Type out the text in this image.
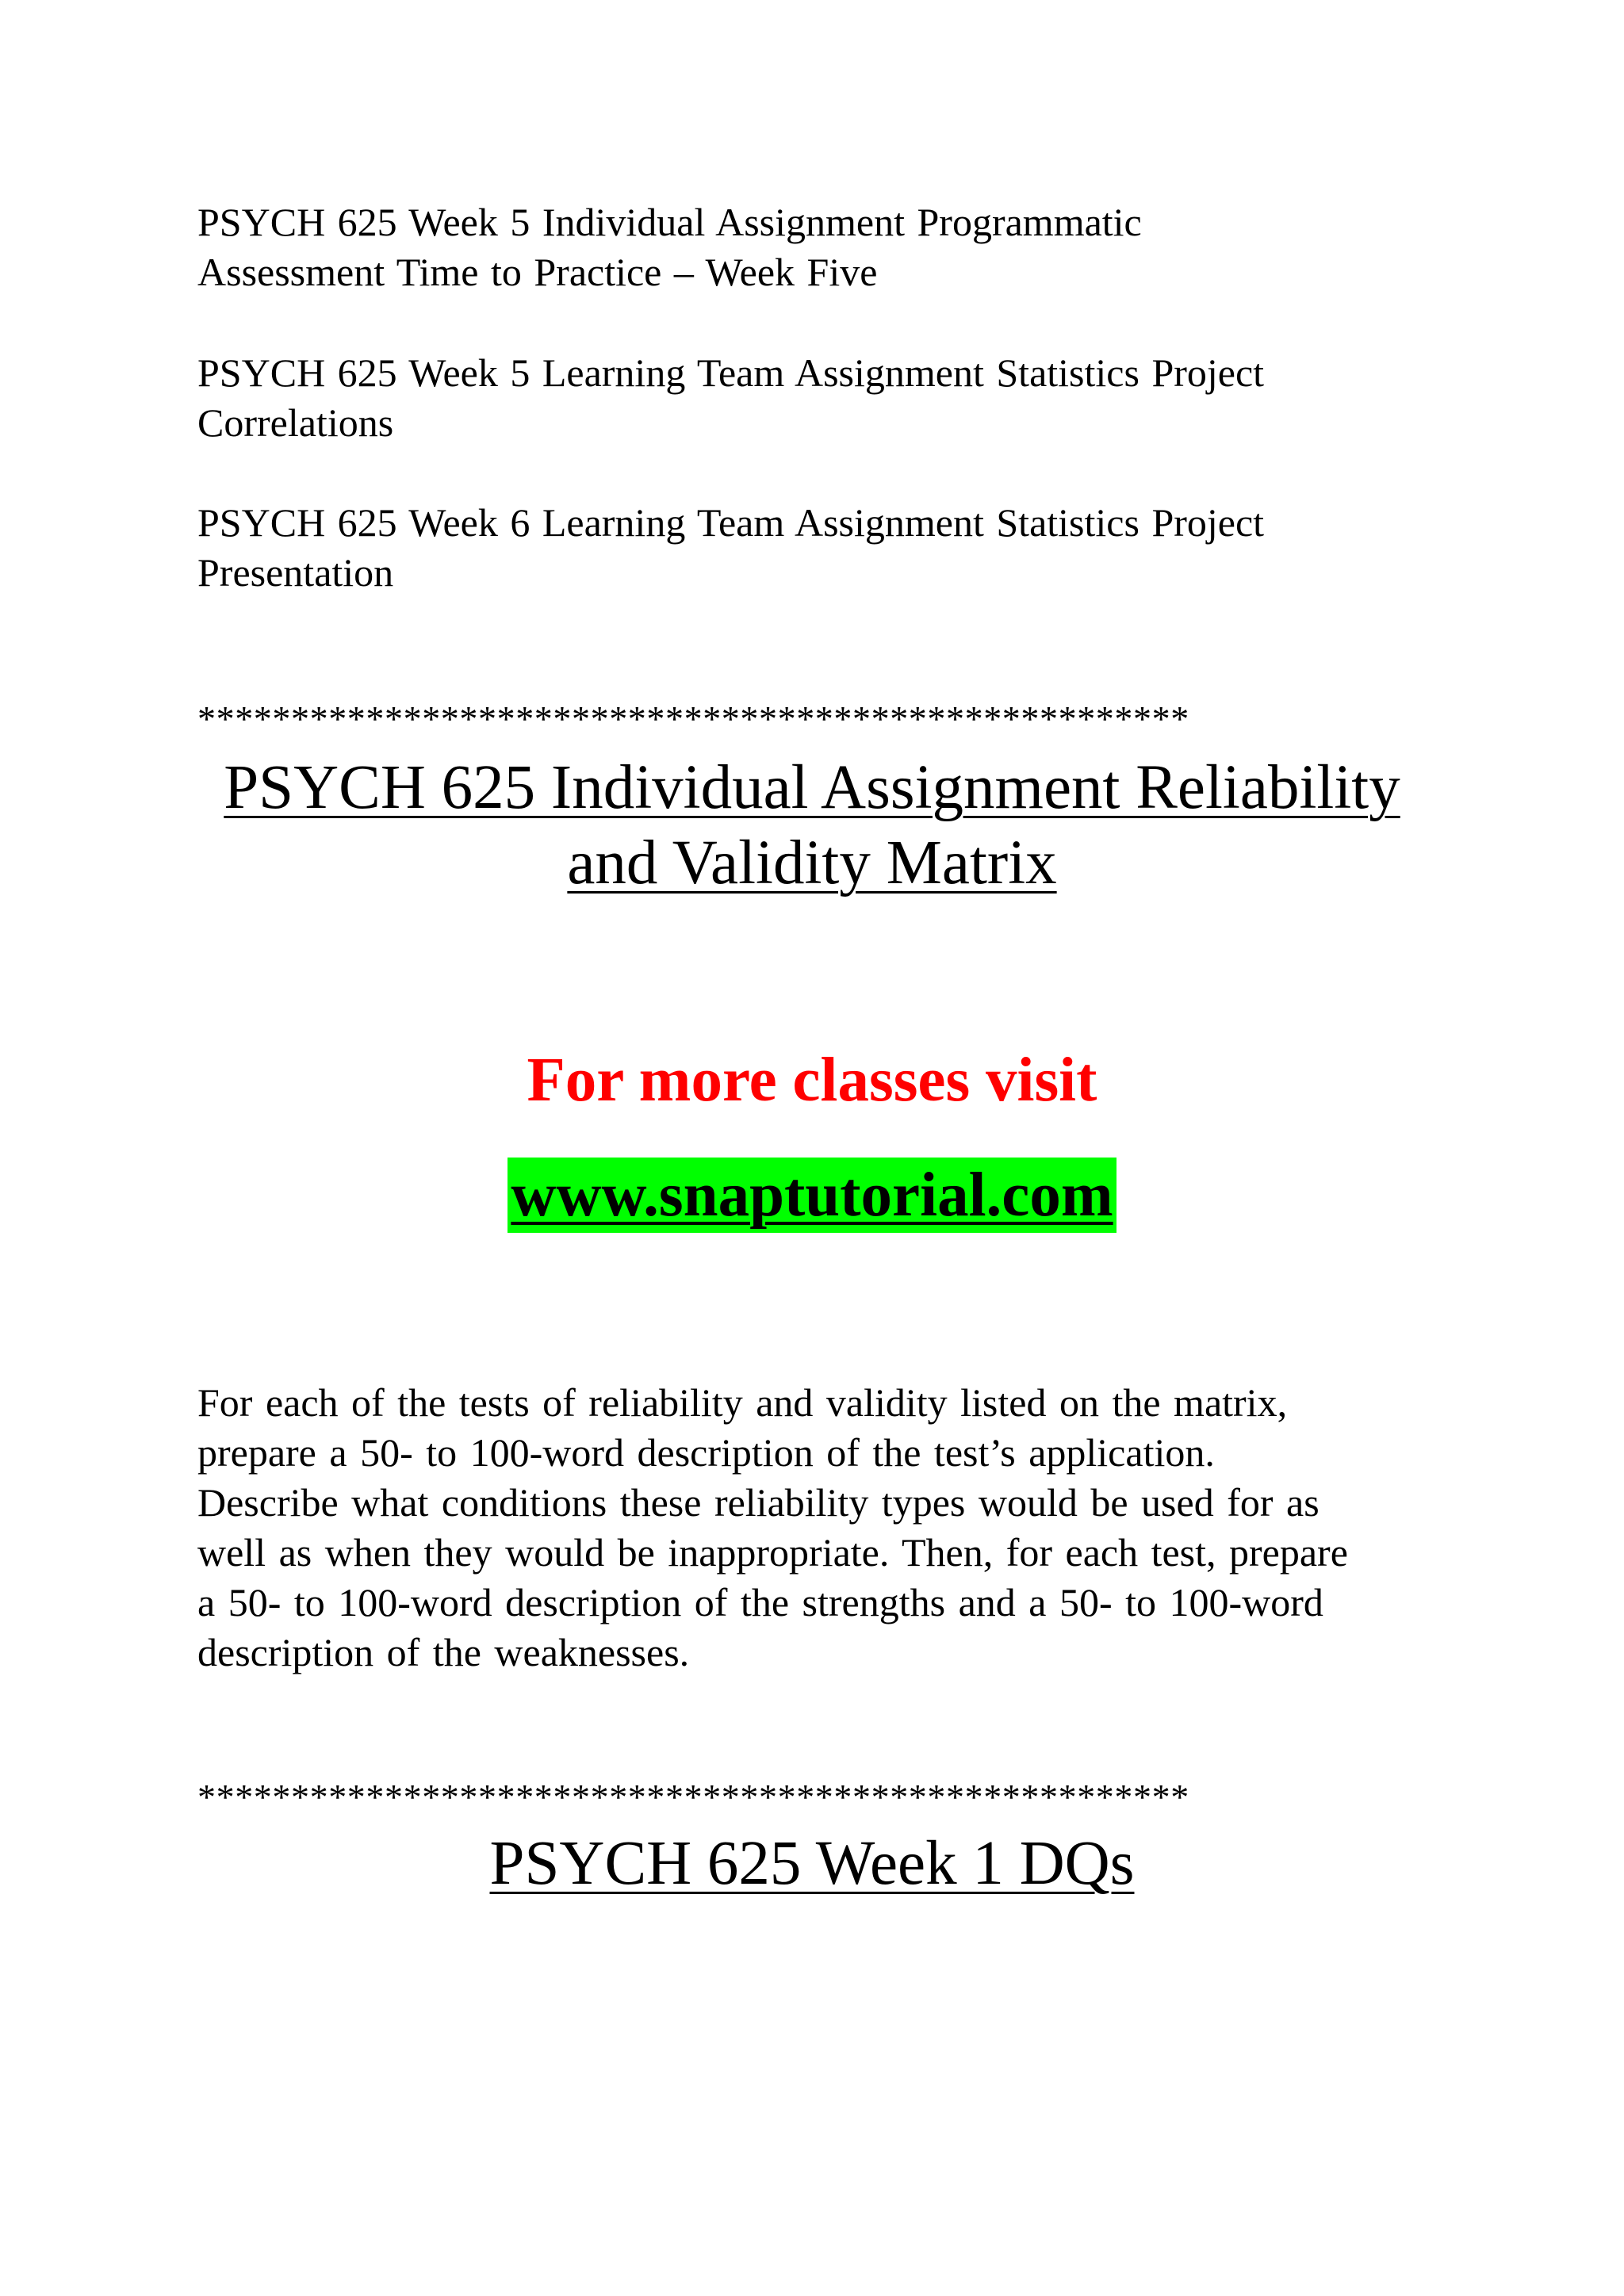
PSYCH 625 Week 5 Individual Assignment Programmatic
Assessment Time to Practice – Week Five

PSYCH 625 Week 5 Learning Team Assignment Statistics Project
Correlations

PSYCH 625 Week 6 Learning Team Assignment Statistics Project
Presentation

*****************************************************
PSYCH 625 Individual Assignment Reliability
and Validity Matrix
For more classes visit
www.snaptutorial.com

For each of the tests of reliability and validity listed on the matrix,
prepare a 50- to 100-word description of the test’s application.
Describe what conditions these reliability types would be used for as
well as when they would be inappropriate. Then, for each test, prepare
a 50- to 100-word description of the strengths and a 50- to 100-word
description of the weaknesses.

*****************************************************
PSYCH 625 Week 1 DQs
